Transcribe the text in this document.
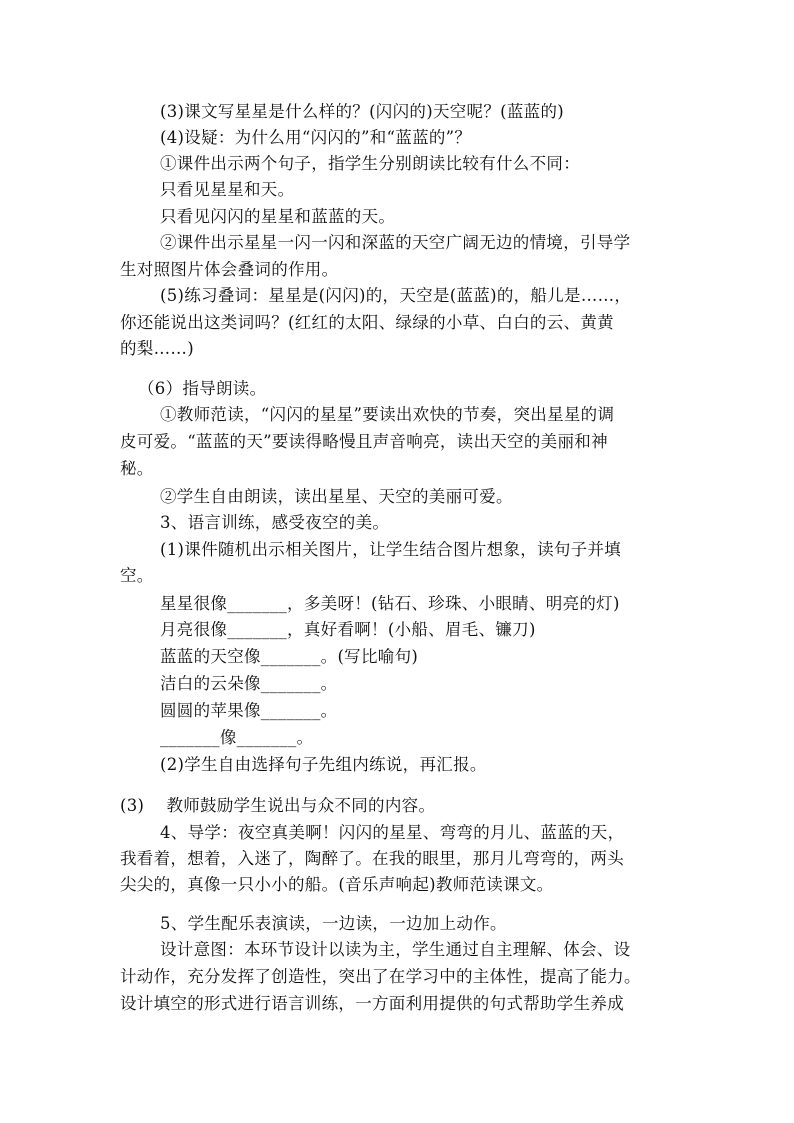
(3)课文写星星是什么样的？(闪闪的)天空呢？(蓝蓝的)
(4)设疑：为什么用“闪闪的”和“蓝蓝的”？
①课件出示两个句子，指学生分别朗读比较有什么不同：
只看见星星和天。
只看见闪闪的星星和蓝蓝的天。
②课件出示星星一闪一闪和深蓝的天空广阔无边的情境，引导学
生对照图片体会叠词的作用。
(5)练习叠词：星星是(闪闪)的，天空是(蓝蓝)的，船儿是……，
你还能说出这类词吗？(红红的太阳、绿绿的小草、白白的云、黄黄
的梨……)
（6）指导朗读。
①教师范读，“闪闪的星星”要读出欢快的节奏，突出星星的调
皮可爱。“蓝蓝的天”要读得略慢且声音响亮，读出天空的美丽和神
秘。
②学生自由朗读，读出星星、天空的美丽可爱。
3、语言训练，感受夜空的美。
(1)课件随机出示相关图片，让学生结合图片想象，读句子并填
空。
星星很像_______，多美呀！(钻石、珍珠、小眼睛、明亮的灯)
月亮很像_______，真好看啊！(小船、眉毛、镰刀)
蓝蓝的天空像_______。(写比喻句)
洁白的云朵像_______。
圆圆的苹果像_______。
_______像_______。
(2)学生自由选择句子先组内练说，再汇报。
(3)    教师鼓励学生说出与众不同的内容。
4、导学：夜空真美啊！闪闪的星星、弯弯的月儿、蓝蓝的天，
我看着，想着，入迷了，陶醉了。在我的眼里，那月儿弯弯的，两头
尖尖的，真像一只小小的船。(音乐声响起)教师范读课文。
5、学生配乐表演读，一边读，一边加上动作。
设计意图：本环节设计以读为主，学生通过自主理解、体会、设
计动作，充分发挥了创造性，突出了在学习中的主体性，提高了能力。
设计填空的形式进行语言训练，一方面利用提供的句式帮助学生养成
